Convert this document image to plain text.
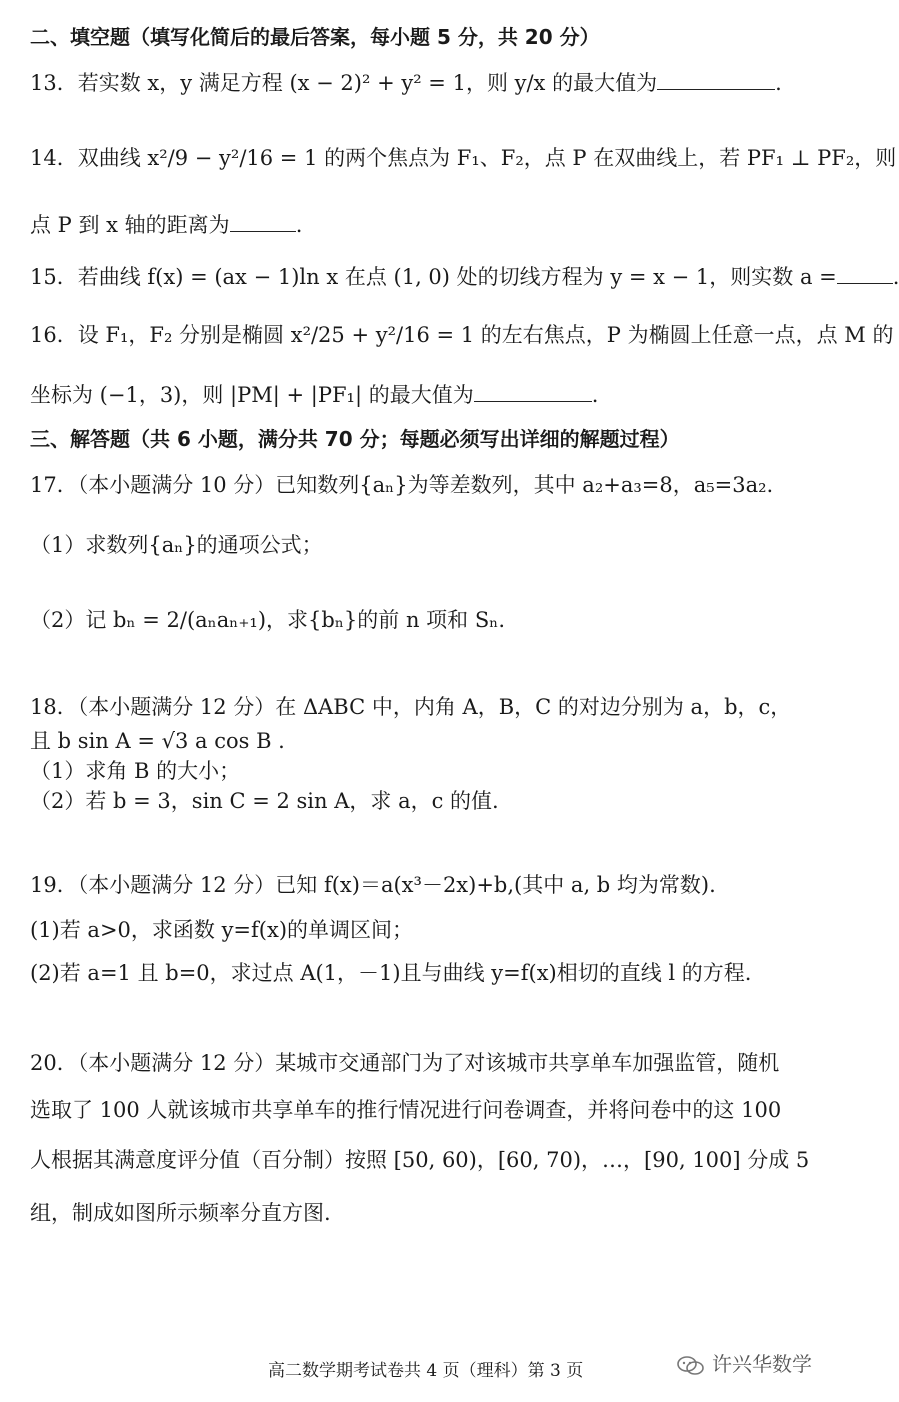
二、填空题（填写化简后的最后答案，每小题 5 分，共 20 分）
13．若实数 x，y 满足方程 (x − 2)² + y² = 1，则 y/x 的最大值为	.
14．双曲线 x²/9 − y²/16 = 1 的两个焦点为 F₁、F₂，点 P 在双曲线上，若 PF₁ ⊥ PF₂，则
点 P 到 x 轴的距离为	.
15．若曲线 f(x) = (ax − 1)ln x 在点 (1, 0) 处的切线方程为 y = x − 1，则实数 a =	.
16．设 F₁，F₂ 分别是椭圆 x²/25 + y²/16 = 1 的左右焦点，P 为椭圆上任意一点，点 M 的
坐标为 (−1，3)，则 |PM| + |PF₁| 的最大值为	.
三、解答题（共 6 小题，满分共 70 分；每题必须写出详细的解题过程）
17．（本小题满分 10 分）已知数列{aₙ}为等差数列，其中 a₂+a₃=8，a₅=3a₂.
（1）求数列{aₙ}的通项公式；
（2）记 bₙ = 2/(aₙaₙ₊₁)，求{bₙ}的前 n 项和 Sₙ.
18．（本小题满分 12 分）在 ΔABC 中，内角 A，B，C 的对边分别为 a，b，c，
且 b sin A = √3 a cos B .
（1）求角 B 的大小；
（2）若 b = 3，sin C = 2 sin A，求 a，c 的值.
19．（本小题满分 12 分）已知 f(x)＝a(x³－2x)+b,(其中 a, b 均为常数).
(1)若 a>0，求函数 y=f(x)的单调区间；
(2)若 a=1 且 b=0，求过点 A(1，－1)且与曲线 y=f(x)相切的直线 l 的方程.
20．（本小题满分 12 分）某城市交通部门为了对该城市共享单车加强监管，随机
选取了 100 人就该城市共享单车的推行情况进行问卷调查，并将问卷中的这 100
人根据其满意度评分值（百分制）按照 [50, 60)，[60, 70)，…，[90, 100] 分成 5
组，制成如图所示频率分直方图.
高二数学期考试卷共 4 页（理科）第 3 页	许兴华数学
